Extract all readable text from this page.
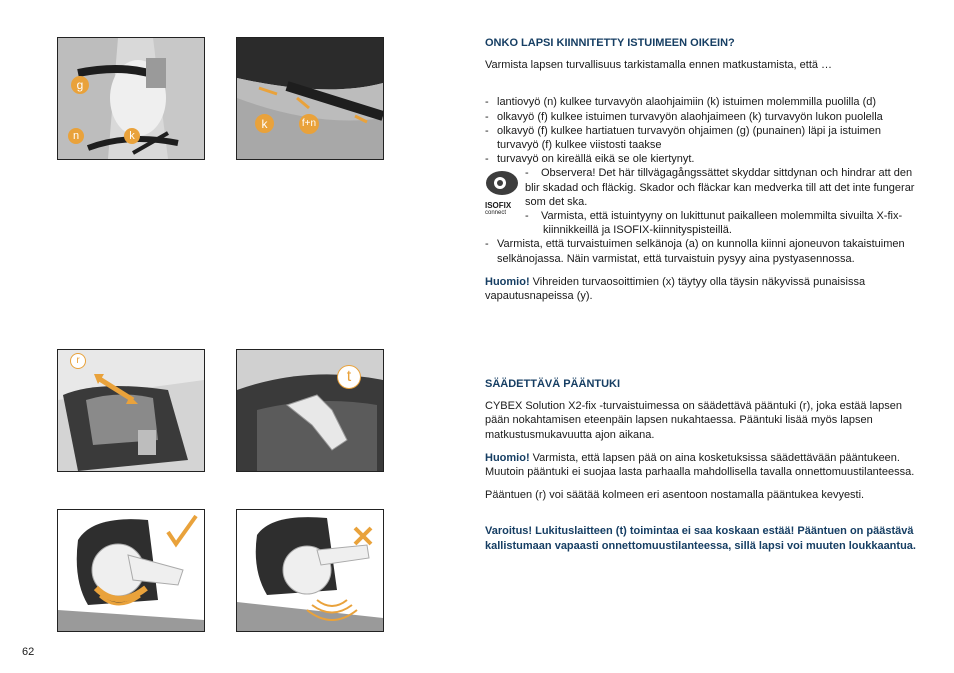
g
n	k
k	f+n
r
t
ONKO LAPSI KIINNITETTY ISTUIMEEN OIKEIN?
Varmista lapsen turvallisuus tarkistamalla ennen matkustamista, että …
- lantiovyö (n) kulkee turvavyön alaohjaimiin (k) istuimen molemmilla puolilla (d)
- olkavyö (f) kulkee istuimen turvavyön alaohjaimeen (k) turvavyön lukon puolella
- olkavyö (f) kulkee hartiatuen turvavyön ohjaimen (g) (punainen) läpi ja istuimen turvavyö (f) kulkee viistosti taakse
- turvavyö on kireällä eikä se ole kiertynyt.
ISOFIX
connect
- Observera! Det här tillvägagångssättet skyddar sittdynan och hindrar att den blir skadad och fläckig. Skador och fläckar kan medverka till att det inte fungerar som det ska.
- Varmista, että istuintyyny on lukittunut paikalleen molemmilta sivuilta X-fix-kiinnikkeillä ja ISOFIX-kiinnityspisteillä.
- Varmista, että turvaistuimen selkänoja (a) on kunnolla kiinni ajoneuvon takaistuimen selkänojassa. Näin varmistat, että turvaistuin pysyy aina pystyasennossa.
Huomio! Vihreiden turvaosoittimien (x) täytyy olla täysin näkyvissä punaisissa vapautusnapeissa (y).
SÄÄDETTÄVÄ PÄÄNTUKI
CYBEX Solution X2-fix -turvaistuimessa on säädettävä pääntuki (r), joka estää lapsen pään nokahtamisen eteenpäin lapsen nukahtaessa. Pääntuki lisää myös lapsen matkustusmukavuutta ajon aikana.
Huomio! Varmista, että lapsen pää on aina kosketuksissa säädettävään pääntukeen. Muutoin pääntuki ei suojaa lasta parhaalla mahdollisella tavalla onnettomuustilanteessa.
Pääntuen (r) voi säätää kolmeen eri asentoon nostamalla pääntukea kevyesti.
Varoitus! Lukituslaitteen (t) toimintaa ei saa koskaan estää! Pääntuen on päästävä kallistumaan vapaasti onnettomuustilanteessa, sillä lapsi voi muuten loukkaantua.
62
